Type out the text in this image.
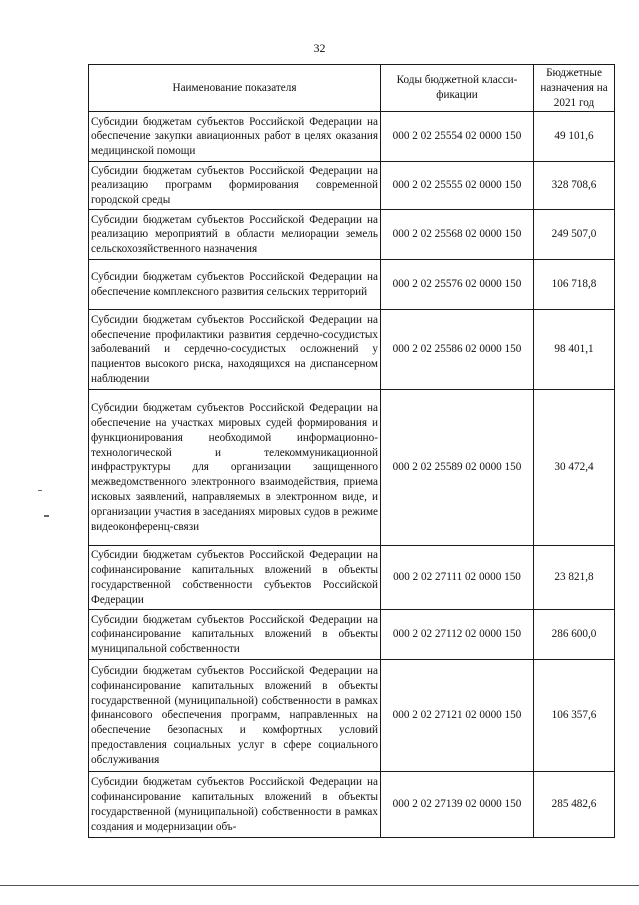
32
Наименование показателя	Коды бюджетной класси-фикации	Бюджетные назначения на 2021 год
Субсидии бюджетам субъектов Российской Федерации на обеспечение закупки авиационных работ в целях оказания медицинской помощи	000 2 02 25554 02 0000 150	49 101,6
Субсидии бюджетам субъектов Российской Федерации на реализацию программ формирования современной городской среды	000 2 02 25555 02 0000 150	328 708,6
Субсидии бюджетам субъектов Российской Федерации на реализацию мероприятий в области мелиорации земель сельскохозяйственного назначения	000 2 02 25568 02 0000 150	249 507,0
Субсидии бюджетам субъектов Российской Федерации на обеспечение комплексного развития сельских территорий	000 2 02 25576 02 0000 150	106 718,8
Субсидии бюджетам субъектов Российской Федерации на обеспечение профилактики развития сердечно-сосудистых заболеваний и сердечно-сосудистых осложнений у пациентов высокого риска, находящихся на диспансерном наблюдении	000 2 02 25586 02 0000 150	98 401,1
Субсидии бюджетам субъектов Российской Федерации на обеспечение на участках мировых судей формирования и функционирования необходимой информационно-технологической и телекоммуникационной инфраструктуры для организации защищенного межведомственного электронного взаимодействия, приема исковых заявлений, направляемых в электронном виде, и организации участия в заседаниях мировых судов в режиме видеоконференц-связи	000 2 02 25589 02 0000 150	30 472,4
Субсидии бюджетам субъектов Российской Федерации на софинансирование капитальных вложений в объекты государственной собственности субъектов Российской Федерации	000 2 02 27111 02 0000 150	23 821,8
Субсидии бюджетам субъектов Российской Федерации на софинансирование капитальных вложений в объекты муниципальной собственности	000 2 02 27112 02 0000 150	286 600,0
Субсидии бюджетам субъектов Российской Федерации на софинансирование капитальных вложений в объекты государственной (муниципальной) собственности в рамках финансового обеспечения программ, направленных на обеспечение безопасных и комфортных условий предоставления социальных услуг в сфере социального обслуживания	000 2 02 27121 02 0000 150	106 357,6
Субсидии бюджетам субъектов Российской Федерации на софинансирование капитальных вложений в объекты государственной (муниципальной) собственности в рамках создания и модернизации объ-	000 2 02 27139 02 0000 150	285 482,6
